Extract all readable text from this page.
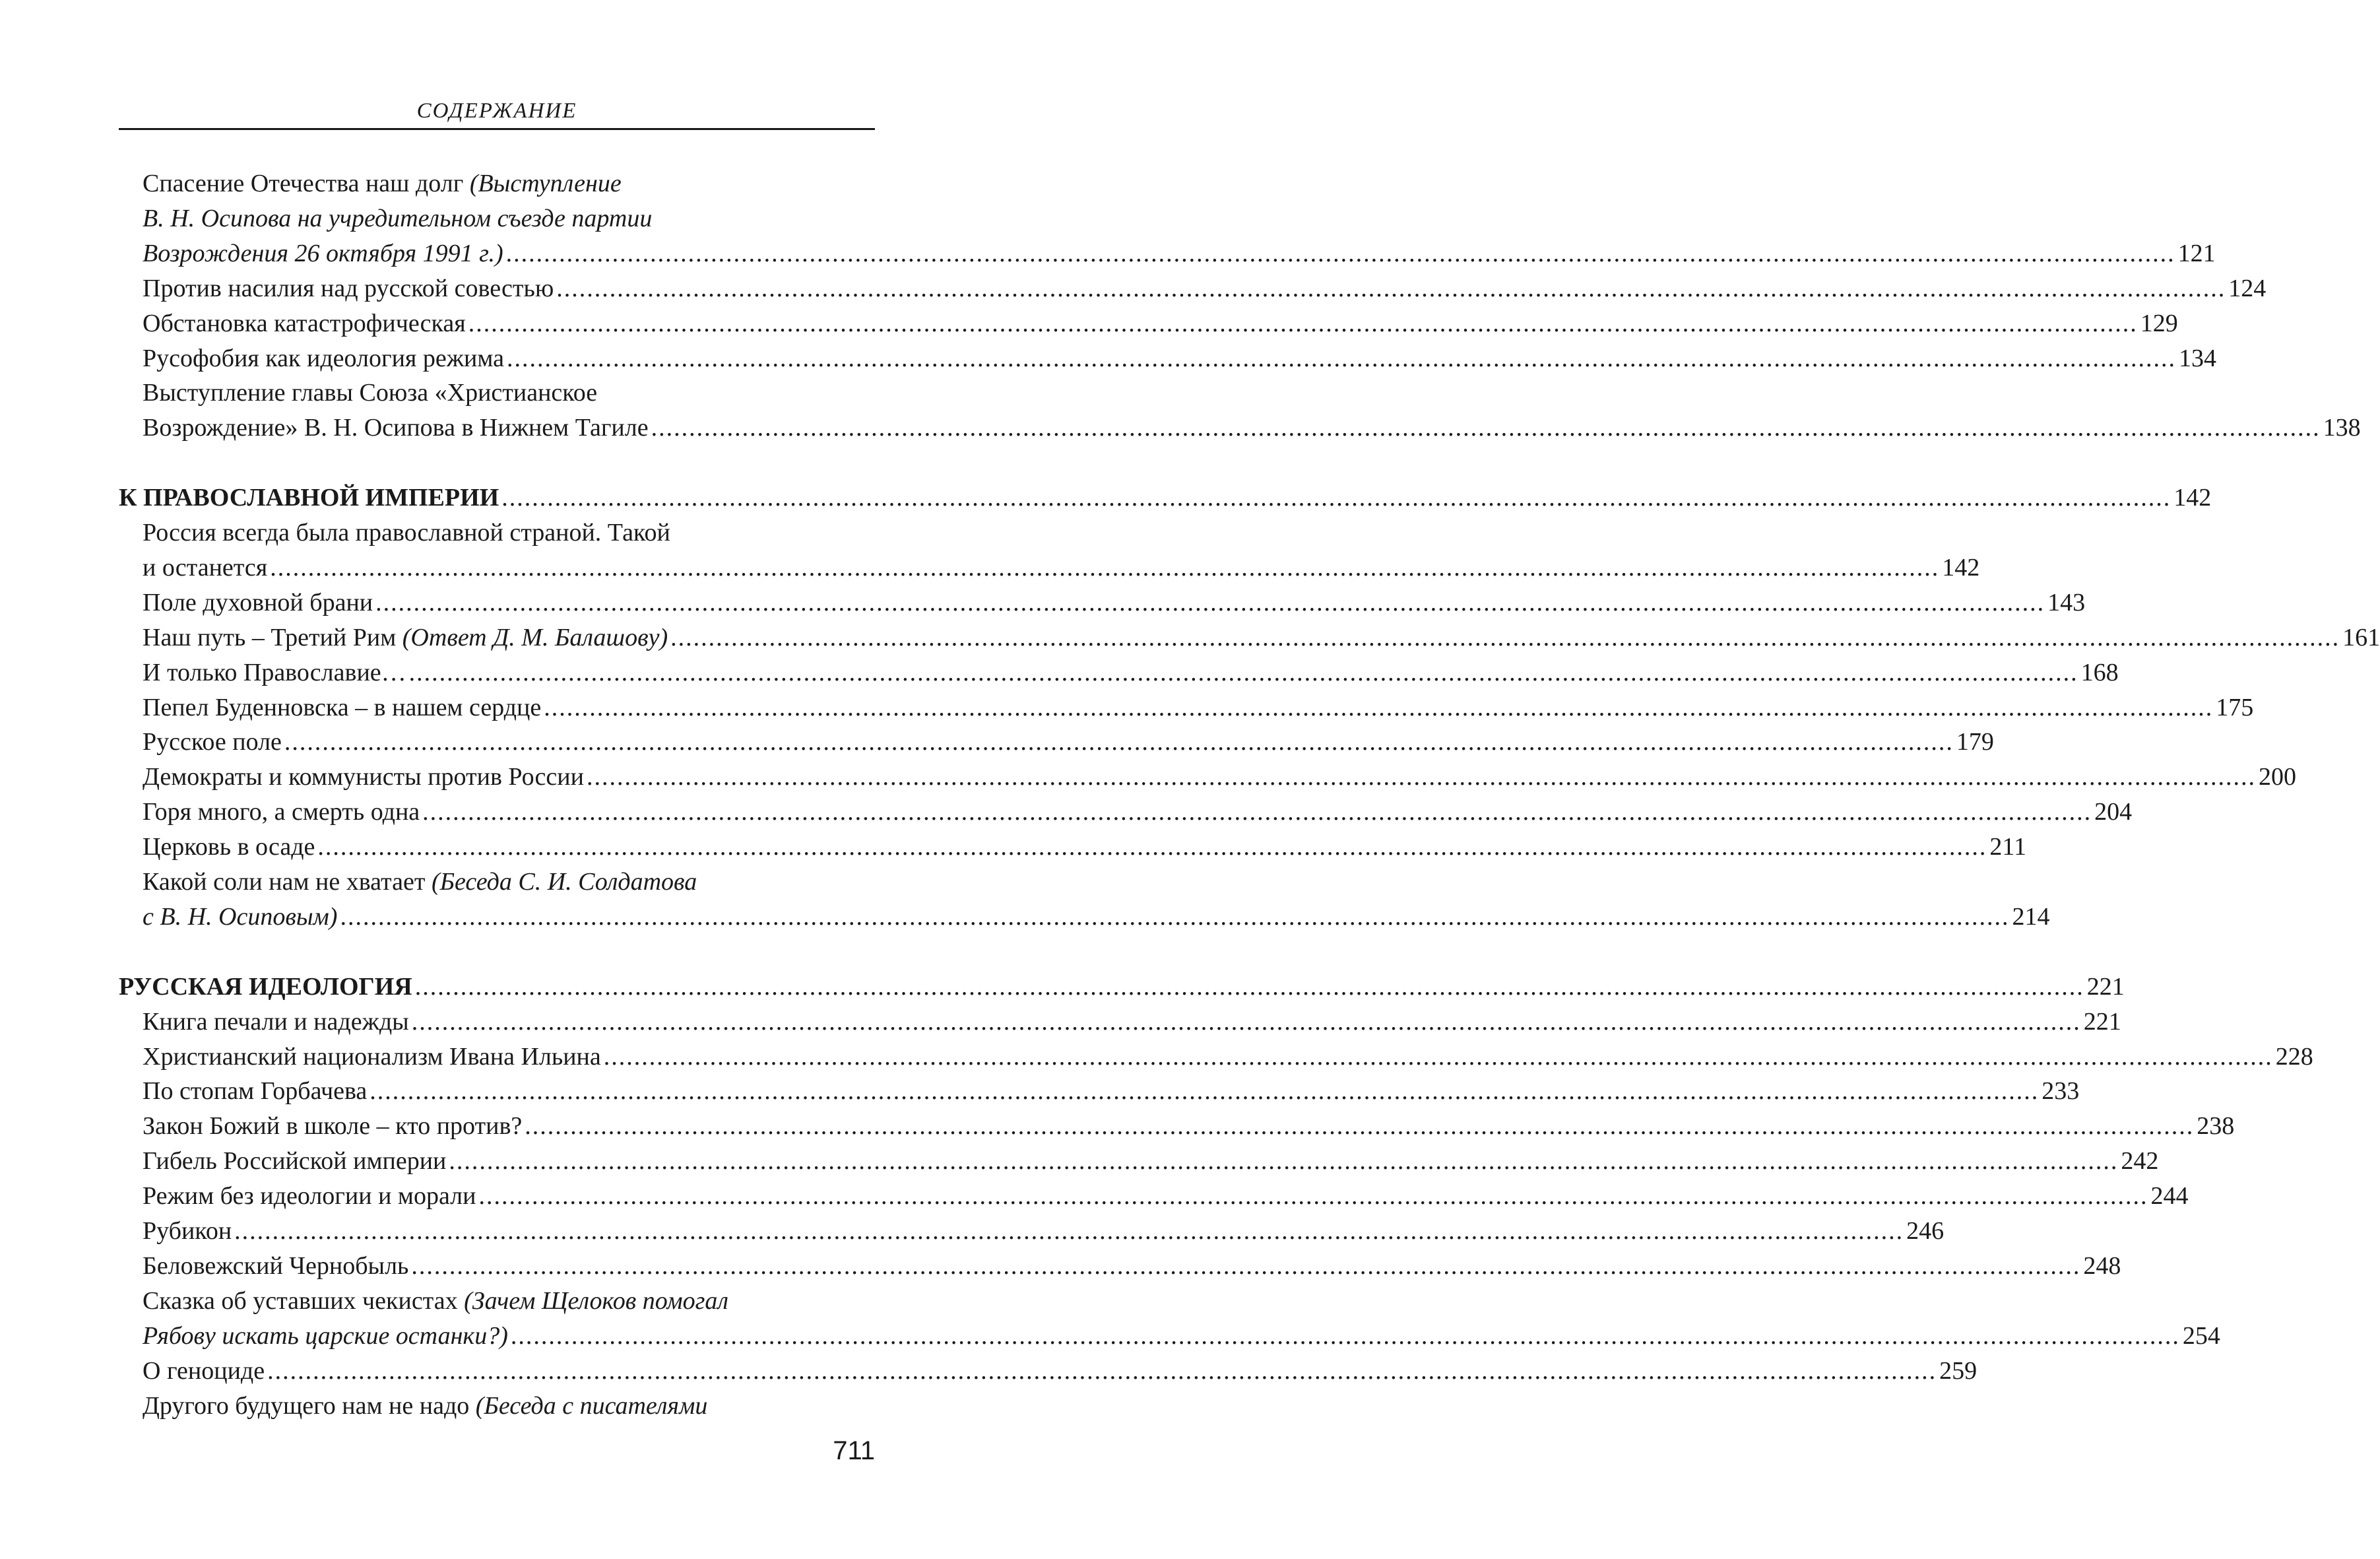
СОДЕРЖАНИЕ
Спасение Отечества наш долг (Выступление
В. Н. Осипова на учредительном съезде партии
Возрождения 26 октября 1991 г.) ............................................................................................................................................................................................................................ 121
Против насилия над русской совестью ............................................................................................................................................................................................................................ 124
Обстановка катастрофическая ............................................................................................................................................................................................................................ 129
Русофобия как идеология режима ............................................................................................................................................................................................................................ 134
Выступление главы Союза «Христианское
Возрождение» В. Н. Осипова в Нижнем Тагиле ............................................................................................................................................................................................................................ 138
К ПРАВОСЛАВНОЙ ИМПЕРИИ ............................................................................................................................................................................................................................ 142
Россия всегда была православной страной. Такой
и останется ............................................................................................................................................................................................................................ 142
Поле духовной брани ............................................................................................................................................................................................................................ 143
Наш путь – Третий Рим (Ответ Д. М. Балашову) ............................................................................................................................................................................................................................ 161
И только Православие… ............................................................................................................................................................................................................................ 168
Пепел Буденновска – в нашем сердце ............................................................................................................................................................................................................................ 175
Русское поле ............................................................................................................................................................................................................................ 179
Демократы и коммунисты против России ............................................................................................................................................................................................................................ 200
Горя много, а смерть одна ............................................................................................................................................................................................................................ 204
Церковь в осаде ............................................................................................................................................................................................................................ 211
Какой соли нам не хватает (Беседа С. И. Солдатова
с В. Н. Осиповым) ............................................................................................................................................................................................................................ 214
РУССКАЯ ИДЕОЛОГИЯ ............................................................................................................................................................................................................................ 221
Книга печали и надежды ............................................................................................................................................................................................................................ 221
Христианский национализм Ивана Ильина ............................................................................................................................................................................................................................ 228
По стопам Горбачева ............................................................................................................................................................................................................................ 233
Закон Божий в школе – кто против? ............................................................................................................................................................................................................................ 238
Гибель Российской империи ............................................................................................................................................................................................................................ 242
Режим без идеологии и морали ............................................................................................................................................................................................................................ 244
Рубикон ............................................................................................................................................................................................................................ 246
Беловежский Чернобыль ............................................................................................................................................................................................................................ 248
Сказка об уставших чекистах (Зачем Щелоков помогал
Рябову искать царские останки?) ............................................................................................................................................................................................................................ 254
О геноциде ............................................................................................................................................................................................................................ 259
Другого будущего нам не надо (Беседа с писателями
711
